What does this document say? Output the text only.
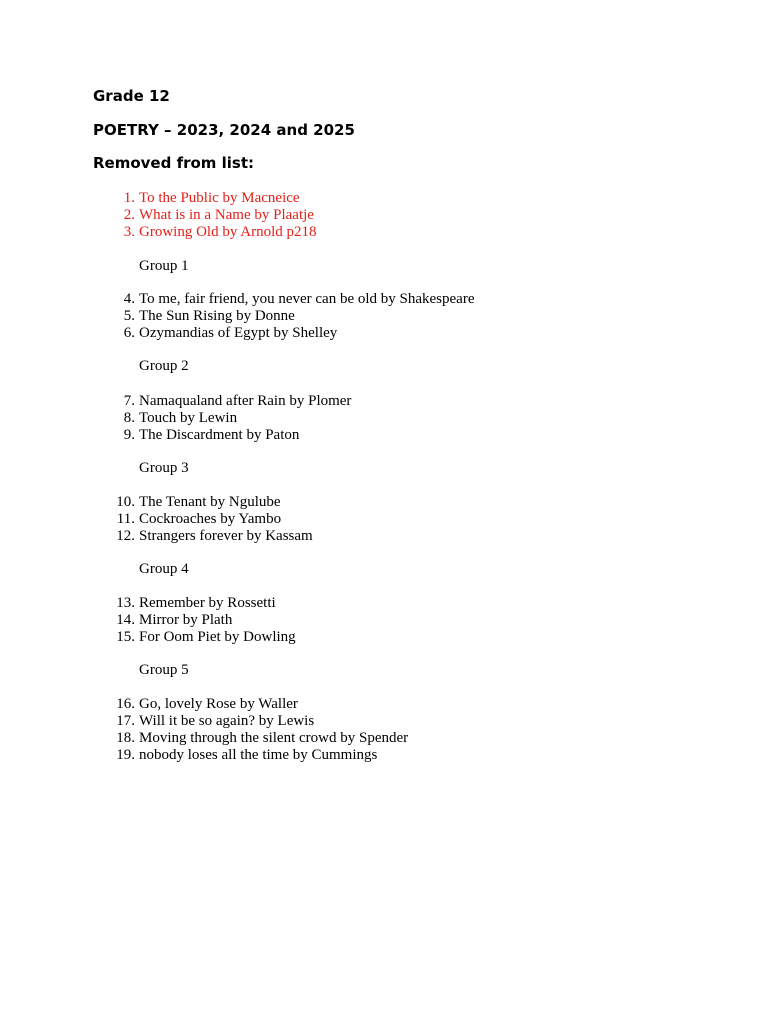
Grade 12
POETRY – 2023, 2024 and 2025
Removed from list:
1. To the Public by Macneice
2. What is in a Name by Plaatje
3. Growing Old by Arnold p218
Group 1
4. To me, fair friend, you never can be old by Shakespeare
5. The Sun Rising by Donne
6. Ozymandias of Egypt by Shelley
Group 2
7. Namaqualand after Rain by Plomer
8. Touch by Lewin
9. The Discardment by Paton
Group 3
10. The Tenant by Ngulube
11. Cockroaches by Yambo
12. Strangers forever by Kassam
Group 4
13. Remember by Rossetti
14. Mirror by Plath
15. For Oom Piet by Dowling
Group 5
16. Go, lovely Rose by Waller
17. Will it be so again? by Lewis
18. Moving through the silent crowd by Spender
19. nobody loses all the time by Cummings
